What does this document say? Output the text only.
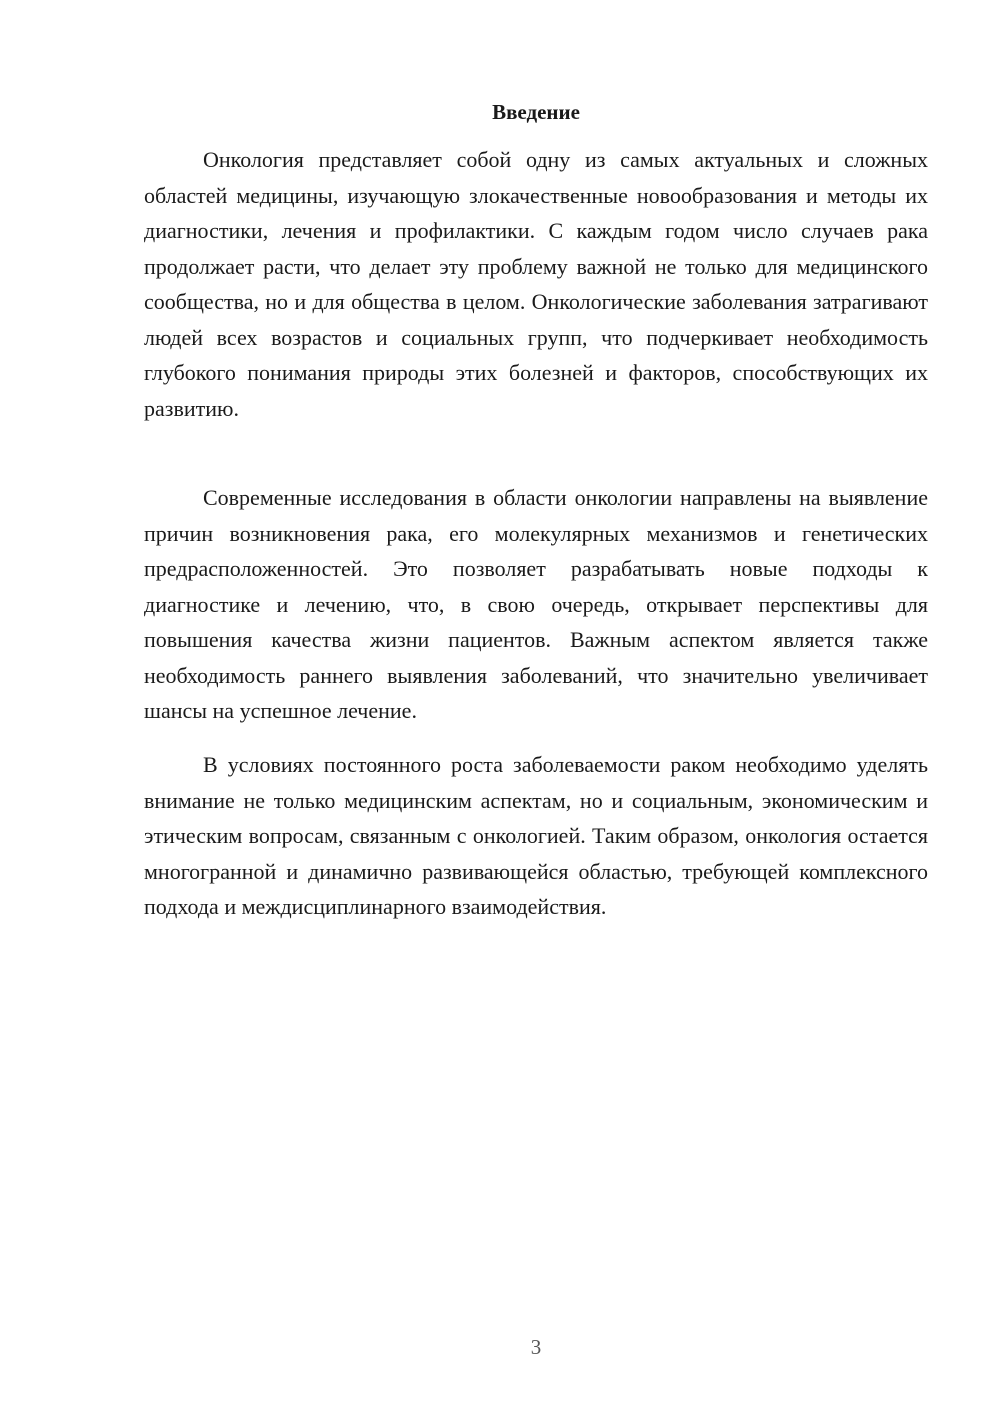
Введение

Онкология представляет собой одну из самых актуальных и сложных областей медицины, изучающую злокачественные новообразования и методы их диагностики, лечения и профилактики. С каждым годом число случаев рака продолжает расти, что делает эту проблему важной не только для медицинского сообщества, но и для общества в целом. Онкологические заболевания затрагивают людей всех возрастов и социальных групп, что подчеркивает необходимость глубокого понимания природы этих болезней и факторов, способствующих их развитию.

Современные исследования в области онкологии направлены на выявление причин возникновения рака, его молекулярных механизмов и генетических предрасположенностей. Это позволяет разрабатывать новые подходы к диагностике и лечению, что, в свою очередь, открывает перспективы для повышения качества жизни пациентов. Важным аспектом является также необходимость раннего выявления заболеваний, что значительно увеличивает шансы на успешное лечение.

В условиях постоянного роста заболеваемости раком необходимо уделять внимание не только медицинским аспектам, но и социальным, экономическим и этическим вопросам, связанным с онкологией. Таким образом, онкология остается многогранной и динамично развивающейся областью, требующей комплексного подхода и междисциплинарного взаимодействия.

3
